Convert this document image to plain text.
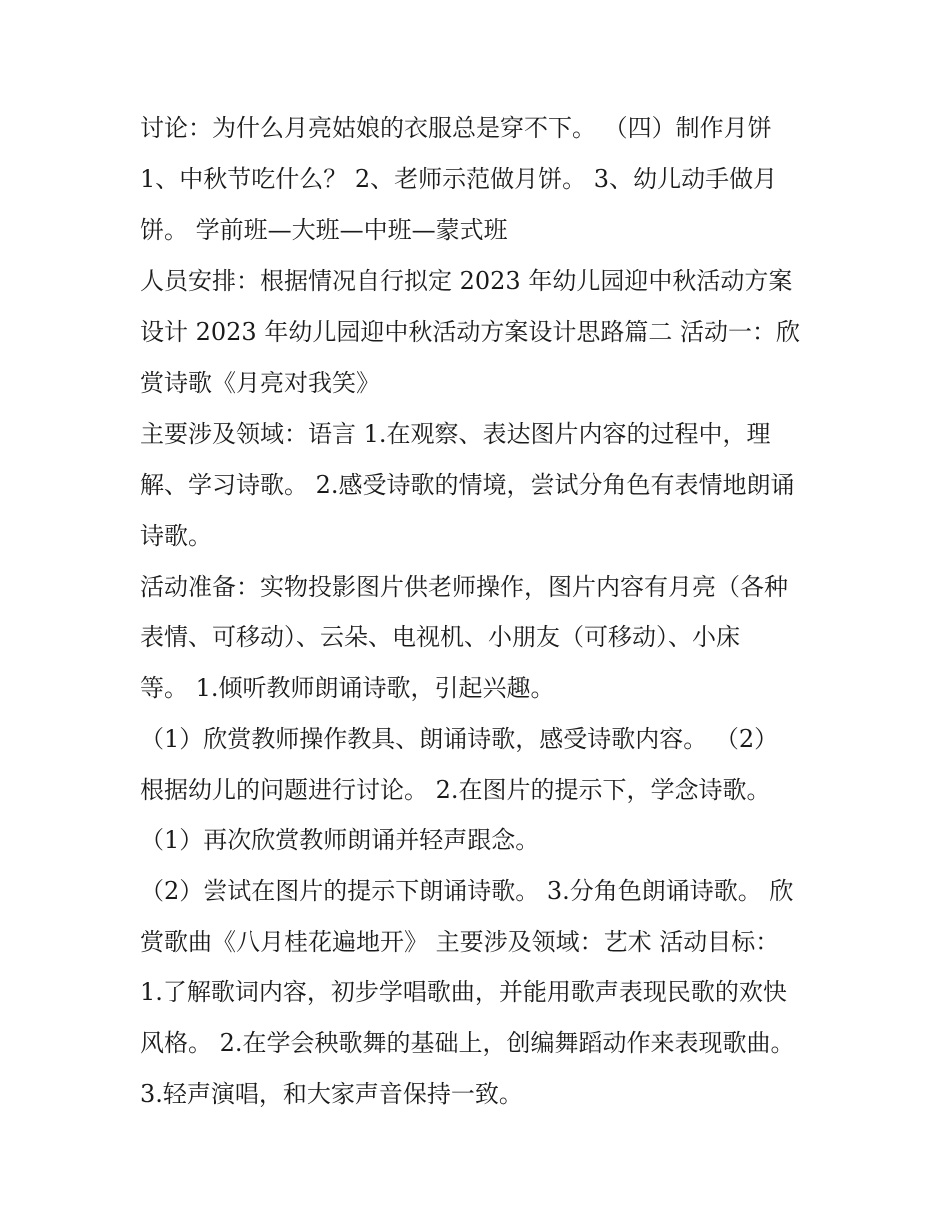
讨论：为什么月亮姑娘的衣服总是穿不下。 （四）制作月饼
1、中秋节吃什么？ 2、老师示范做月饼。 3、幼儿动手做月
饼。 学前班—大班—中班—蒙式班
人员安排：根据情况自行拟定 2023 年幼儿园迎中秋活动方案
设计 2023 年幼儿园迎中秋活动方案设计思路篇二 活动一：欣
赏诗歌《月亮对我笑》
主要涉及领域：语言 1.在观察、表达图片内容的过程中，理
解、学习诗歌。 2.感受诗歌的情境，尝试分角色有表情地朗诵
诗歌。
活动准备：实物投影图片供老师操作，图片内容有月亮（各种
表情、可移动）、云朵、电视机、小朋友（可移动）、小床
等。 1.倾听教师朗诵诗歌，引起兴趣。
（1）欣赏教师操作教具、朗诵诗歌，感受诗歌内容。 （2）
根据幼儿的问题进行讨论。 2.在图片的提示下，学念诗歌。
（1）再次欣赏教师朗诵并轻声跟念。
（2）尝试在图片的提示下朗诵诗歌。 3.分角色朗诵诗歌。 欣
赏歌曲《八月桂花遍地开》 主要涉及领域：艺术 活动目标：
1.了解歌词内容，初步学唱歌曲，并能用歌声表现民歌的欢快
风格。 2.在学会秧歌舞的基础上，创编舞蹈动作来表现歌曲。
3.轻声演唱，和大家声音保持一致。
